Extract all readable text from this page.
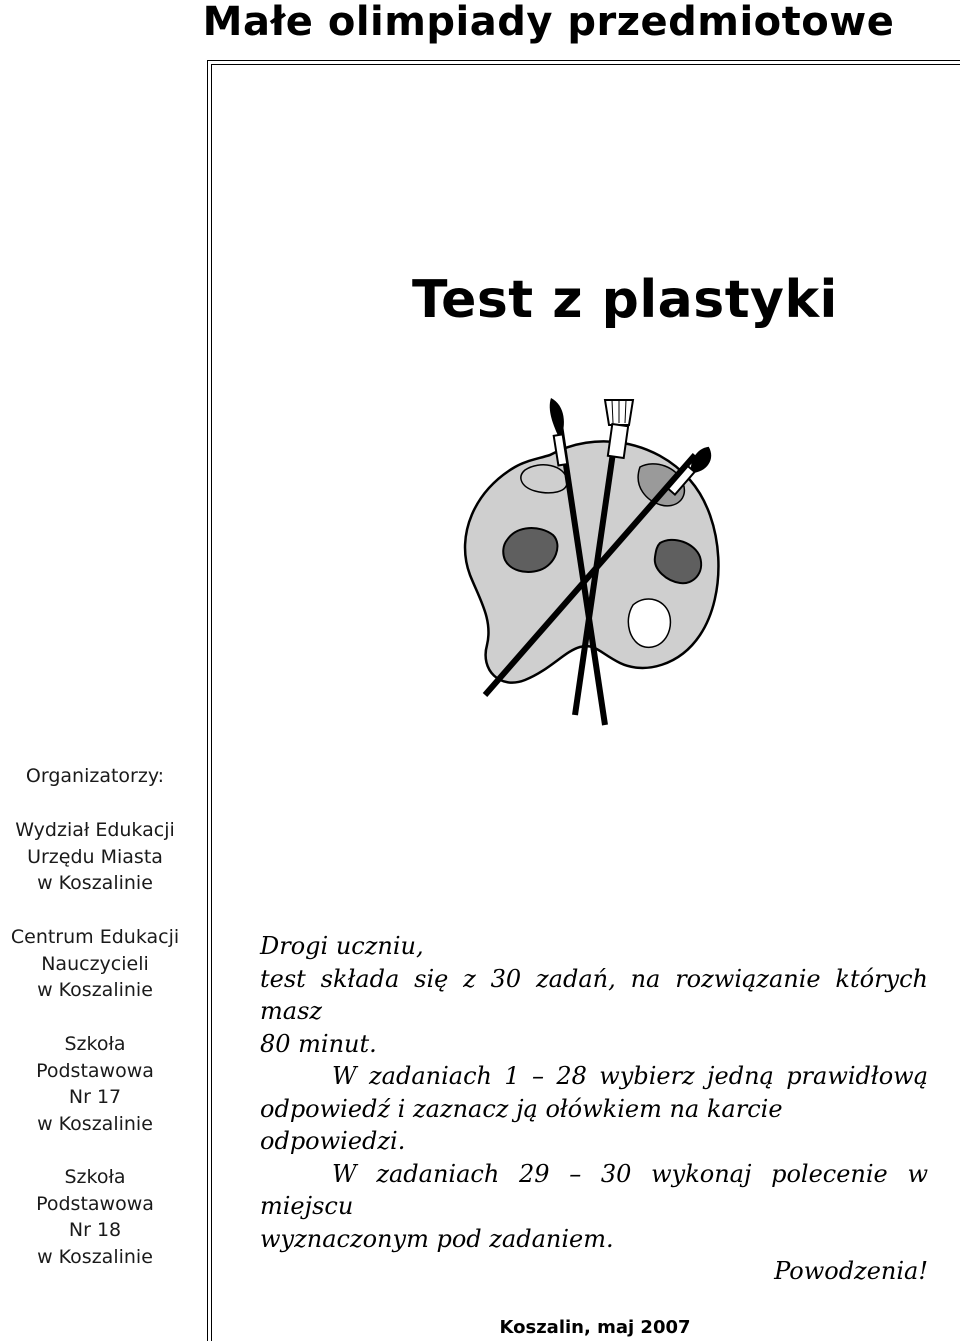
Małe olimpiady przedmiotowe
Test z plastyki
Organizatorzy:
Wydział Edukacji
Urzędu Miasta
w Koszalinie
Centrum Edukacji
Nauczycieli
w Koszalinie
Szkoła
Podstawowa
Nr 17
w Koszalinie
Szkoła
Podstawowa
Nr 18
w Koszalinie

Drogi uczniu,

test składa się z 30 zadań, na rozwiązanie których masz

80 minut.

W zadaniach 1 – 28 wybierz jedną prawidłową

odpowiedź i zaznacz ją ołówkiem na karcie odpowiedzi.

W zadaniach 29 – 30 wykonaj polecenie w miejscu

wyznaczonym pod zadaniem.

Powodzenia!

Koszalin, maj 2007
